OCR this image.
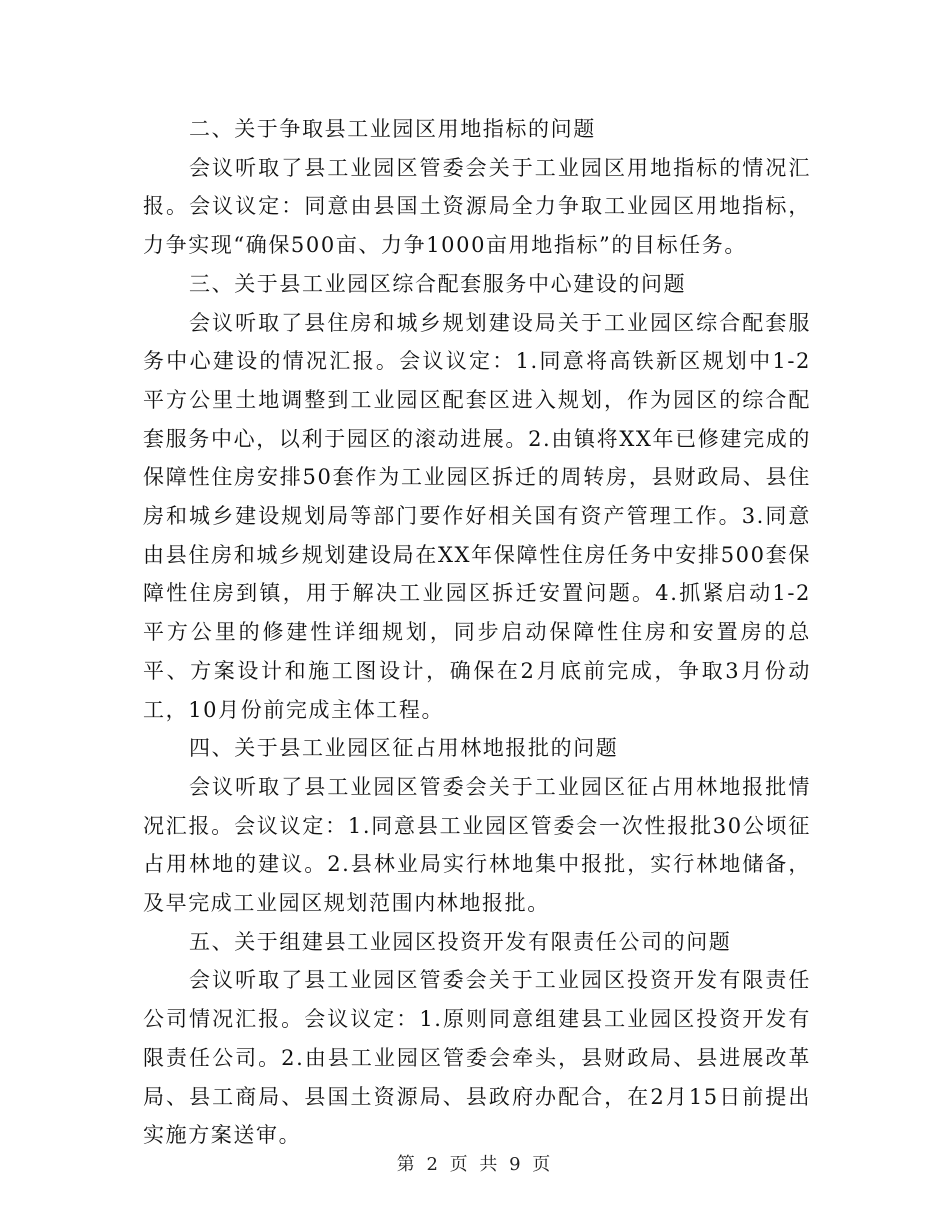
二、关于争取县工业园区用地指标的问题

会议听取了县工业园区管委会关于工业园区用地指标的情况汇报。会议议定：同意由县国土资源局全力争取工业园区用地指标，力争实现“确保500亩、力争1000亩用地指标”的目标任务。

三、关于县工业园区综合配套服务中心建设的问题

会议听取了县住房和城乡规划建设局关于工业园区综合配套服务中心建设的情况汇报。会议议定：1.同意将高铁新区规划中1-2平方公里土地调整到工业园区配套区进入规划，作为园区的综合配套服务中心，以利于园区的滚动进展。2.由镇将XX年已修建完成的保障性住房安排50套作为工业园区拆迁的周转房，县财政局、县住房和城乡建设规划局等部门要作好相关国有资产管理工作。3.同意由县住房和城乡规划建设局在XX年保障性住房任务中安排500套保障性住房到镇，用于解决工业园区拆迁安置问题。4.抓紧启动1-2平方公里的修建性详细规划，同步启动保障性住房和安置房的总平、方案设计和施工图设计，确保在2月底前完成，争取3月份动工，10月份前完成主体工程。

四、关于县工业园区征占用林地报批的问题

会议听取了县工业园区管委会关于工业园区征占用林地报批情况汇报。会议议定：1.同意县工业园区管委会一次性报批30公顷征占用林地的建议。2.县林业局实行林地集中报批，实行林地储备，及早完成工业园区规划范围内林地报批。

五、关于组建县工业园区投资开发有限责任公司的问题

会议听取了县工业园区管委会关于工业园区投资开发有限责任公司情况汇报。会议议定：1.原则同意组建县工业园区投资开发有限责任公司。2.由县工业园区管委会牵头，县财政局、县进展改革局、县工商局、县国土资源局、县政府办配合，在2月15日前提出实施方案送审。

第 2 页 共 9 页
